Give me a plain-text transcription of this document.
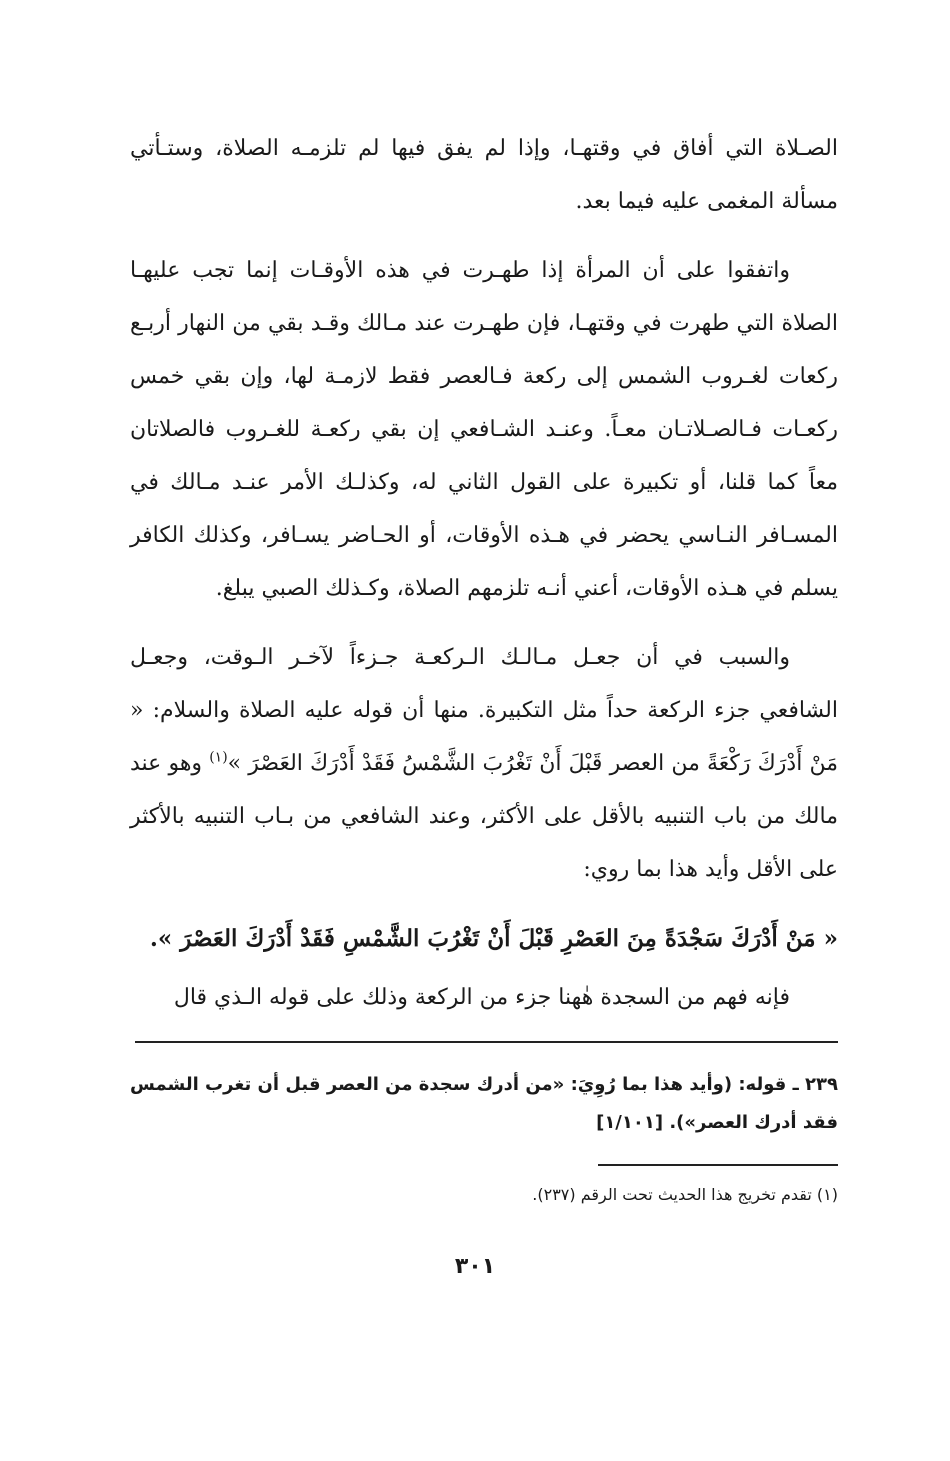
الصـلاة التي أفاق في وقتهـا، وإذا لم يفق فيها لم تلزمـه الصلاة، وستـأتي مسألة المغمى عليه فيما بعد.

واتفقوا على أن المرأة إذا طهـرت في هذه الأوقـات إنما تجب عليهـا الصلاة التي طهرت في وقتهـا، فإن طهـرت عند مـالك وقـد بقي من النهار أربـع ركعات لغـروب الشمس إلى ركعة فـالعصر فقط لازمـة لها، وإن بقي خمس ركعـات فـالصـلاتـان معـاً. وعنـد الشـافعي إن بقي ركعـة للغـروب فالصلاتان معاً كما قلنا، أو تكبيرة على القول الثاني له، وكذلـك الأمر عنـد مـالك في المسـافر النـاسي يحضر في هـذه الأوقات، أو الحـاضر يسـافر، وكذلك الكافر يسلم في هـذه الأوقات، أعني أنـه تلزمهم الصلاة، وكـذلك الصبي يبلغ.

والسبب في أن جعـل مـالـك الـركعـة جـزءاً لآخـر الـوقت، وجعـل الشافعي جزء الركعة حداً مثل التكبيرة. منها أن قوله عليه الصلاة والسلام: « مَنْ أَدْرَكَ رَكْعَةً من العصر قَبْلَ أَنْ تَغْرُبَ الشَّمْسُ فَقَدْ أَدْرَكَ العَصْرَ »$^{(١)}$ وهو عند مالك من باب التنبيه بالأقل على الأكثر، وعند الشافعي من بـاب التنبيه بالأكثر على الأقل وأيد هذا بما روي:

« مَنْ أَدْرَكَ سَجْدَةً مِنَ العَصْرِ قَبْلَ أَنْ تَغْرُبَ الشَّمْسِ فَقَدْ أَدْرَكَ العَصْرَ ».

فإنه فهم من السجدة هٰهنا جزء من الركعة وذلك على قوله الـذي قال

٢٣٩ ـ قوله: (وأيد هذا بما رُوِيَ: «من أدرك سجدة من العصر قبل أن تغرب الشمس فقد أدرك العصر»). [١/١٠١]
(١) تقدم تخريج هذا الحديث تحت الرقم (٢٣٧).
٣٠١
